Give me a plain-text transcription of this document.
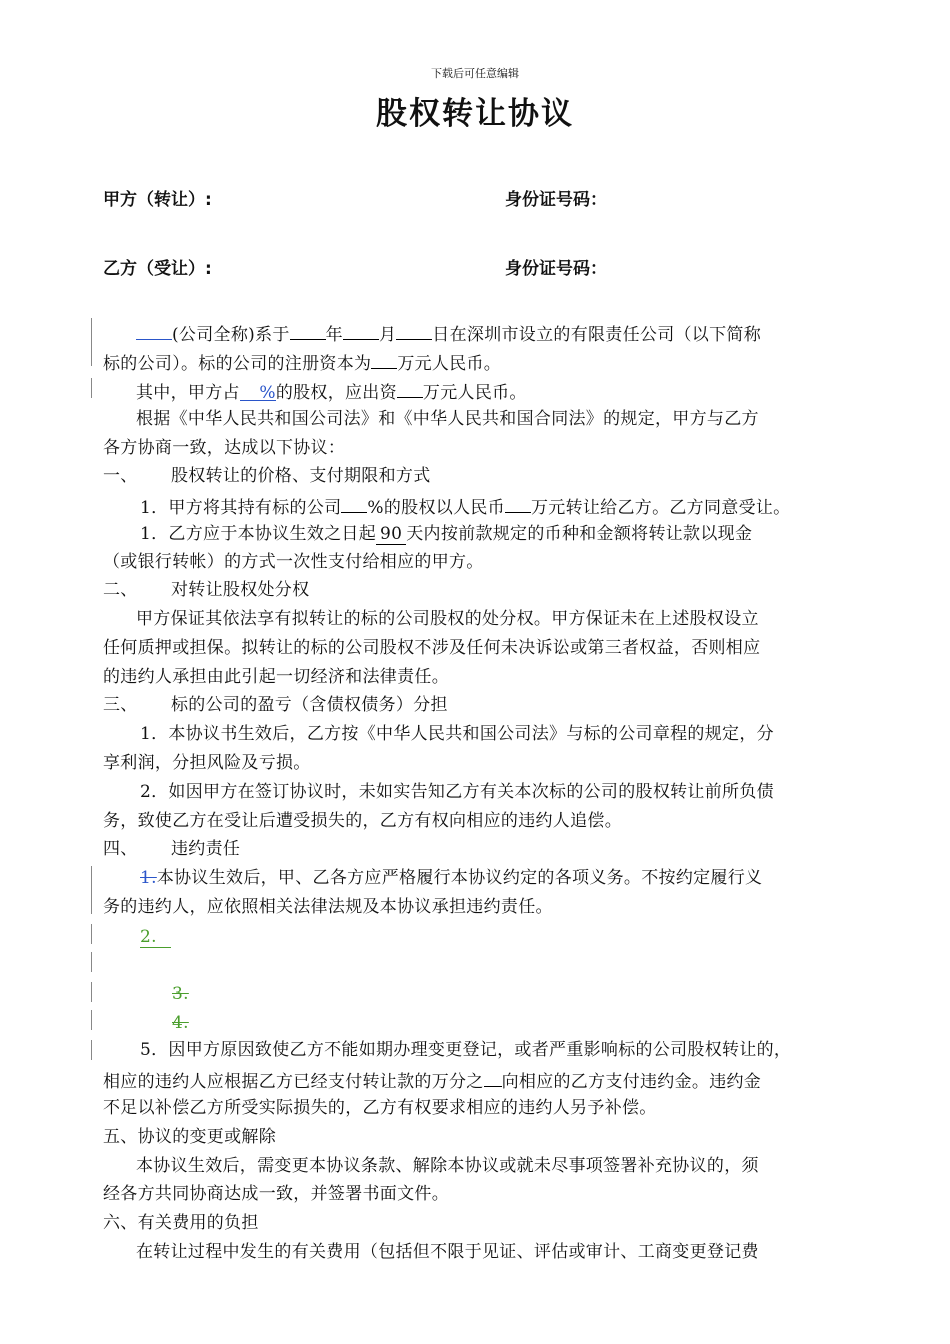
下载后可任意编辑
股权转让协议
甲方（转让）:	身份证号码：
乙方（受让）:	身份证号码：
(公司全称)系于 年 月 日在深圳市设立的有限责任公司（以下简称
标的公司）。标的公司的注册资本为 万元人民币。
其中，甲方占 %的股权，应出资 万元人民币。
根据《中华人民共和国公司法》和《中华人民共和国合同法》的规定，甲方与乙方
各方协商一致，达成以下协议：
一、 股权转让的价格、支付期限和方式
1．甲方将其持有标的公司 %的股权以人民币 万元转让给乙方。乙方同意受让。
1．乙方应于本协议生效之日起 90 天内按前款规定的币种和金额将转让款以现金
（或银行转帐）的方式一次性支付给相应的甲方。
二、 对转让股权处分权
甲方保证其依法享有拟转让的标的公司股权的处分权。甲方保证未在上述股权设立
任何质押或担保。拟转让的标的公司股权不涉及任何未决诉讼或第三者权益，否则相应
的违约人承担由此引起一切经济和法律责任。
三、 标的公司的盈亏（含债权债务）分担
1．本协议书生效后，乙方按《中华人民共和国公司法》与标的公司章程的规定，分
享利润，分担风险及亏损。
2．如因甲方在签订协议时，未如实告知乙方有关本次标的公司的股权转让前所负债
务，致使乙方在受让后遭受损失的，乙方有权向相应的违约人追偿。
四、 违约责任
1.本协议生效后，甲、乙各方应严格履行本协议约定的各项义务。不按约定履行义
务的违约人，应依照相关法律法规及本协议承担违约责任。
2.
3.
4.
5．因甲方原因致使乙方不能如期办理变更登记，或者严重影响标的公司股权转让的，
相应的违约人应根据乙方已经支付转让款的万分之 向相应的乙方支付违约金。违约金
不足以补偿乙方所受实际损失的，乙方有权要求相应的违约人另予补偿。
五、协议的变更或解除
本协议生效后，需变更本协议条款、解除本协议或就未尽事项签署补充协议的，须
经各方共同协商达成一致，并签署书面文件。
六、有关费用的负担
在转让过程中发生的有关费用（包括但不限于见证、评估或审计、工商变更登记费
